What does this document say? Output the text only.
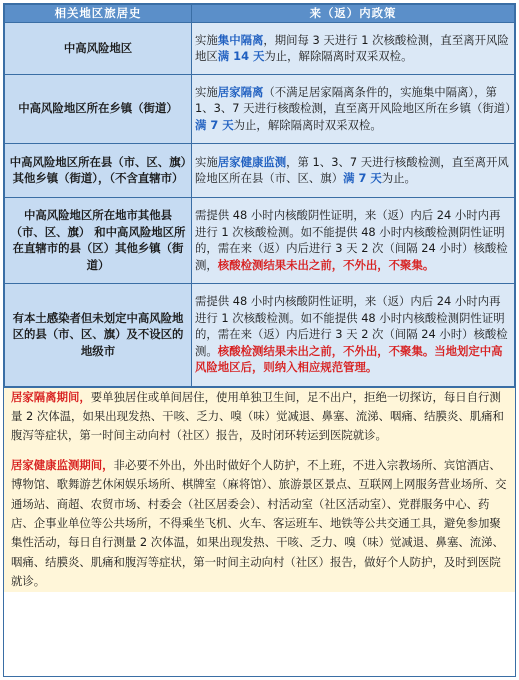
相关地区旅居史	来（返）内政策
中高风险地区	实施集中隔离，期间每 3 天进行 1 次核酸检测，直至离开风险地区满 14 天为止，解除隔离时双采双检。
中高风险地区所在乡镇（街道）	实施居家隔离（不满足居家隔离条件的，实施集中隔离），第 1、3、7 天进行核酸检测，直至离开风险地区所在乡镇（街道）满 7 天为止，解除隔离时双采双检。
中高风险地区所在县（市、区、旗）其他乡镇（街道），（不含直辖市）	实施居家健康监测，第 1、3、7 天进行核酸检测，直至离开风险地区所在县（市、区、旗）满 7 天为止。
中高风险地区所在地市其他县（市、区、旗） 和中高风险地区所在直辖市的县（区）其他乡镇（街道）	需提供 48 小时内核酸阴性证明，来（返）内后 24 小时内再进行 1 次核酸检测。如不能提供 48 小时内核酸检测阴性证明的，需在来（返）内后进行 3 天 2 次（间隔 24 小时）核酸检测，核酸检测结果未出之前，不外出，不聚集。
有本土感染者但未划定中高风险地区的县（市、区、旗）及不设区的地级市	需提供 48 小时内核酸阴性证明，来（返）内后 24 小时内再进行 1 次核酸检测。如不能提供 48 小时内核酸检测阴性证明的，需在来（返）内后进行 3 天 2 次（间隔 24 小时）核酸检测。核酸检测结果未出之前，不外出，不聚集。当地划定中高风险地区后，则纳入相应规范管理。

居家隔离期间，要单独居住或单间居住，使用单独卫生间，足不出户，拒绝一切探访，每日自行测量 2 次体温，如果出现发热、干咳、乏力、嗅（味）觉减退、鼻塞、流涕、咽痛、结膜炎、肌痛和腹泻等症状，第一时间主动向村（社区）报告，及时闭环转运到医院就诊。

居家健康监测期间，非必要不外出，外出时做好个人防护，不上班，不进入宗教场所、宾馆酒店、博物馆、歌舞游艺休闲娱乐场所、棋牌室（麻将馆）、旅游景区景点、互联网上网服务营业场所、交通场站、商超、农贸市场、村委会（社区居委会）、村活动室（社区活动室）、党群服务中心、药店、企事业单位等公共场所，不得乘坐飞机、火车、客运班车、地铁等公共交通工具，避免参加聚集性活动，每日自行测量 2 次体温，如果出现发热、干咳、乏力、嗅（味）觉减退、鼻塞、流涕、咽痛、结膜炎、肌痛和腹泻等症状，第一时间主动向村（社区）报告，做好个人防护，及时到医院就诊。
